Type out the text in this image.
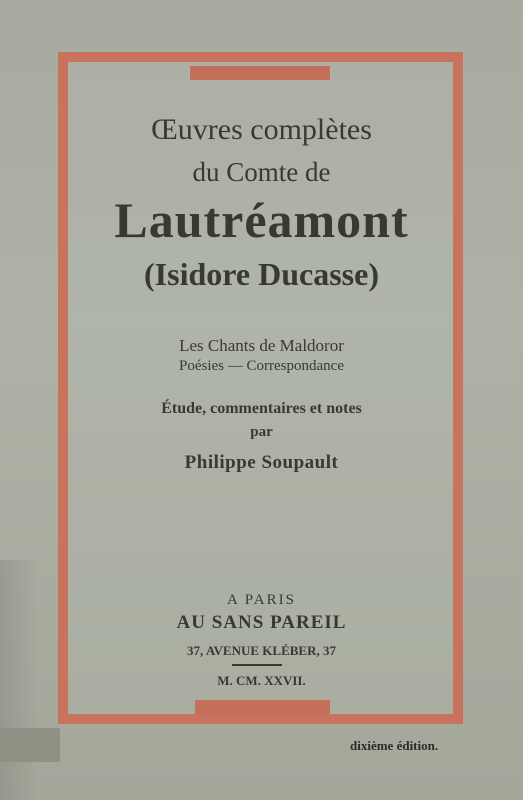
Œuvres complètes
du Comte de
Lautréamont
(Isidore Ducasse)
Les Chants de Maldoror
Poésies — Correspondance
Étude, commentaires et notes
par
Philippe Soupault
A PARIS
AU SANS PAREIL
37, AVENUE KLÉBER, 37
M. CM. XXVII.
dixième édition.
